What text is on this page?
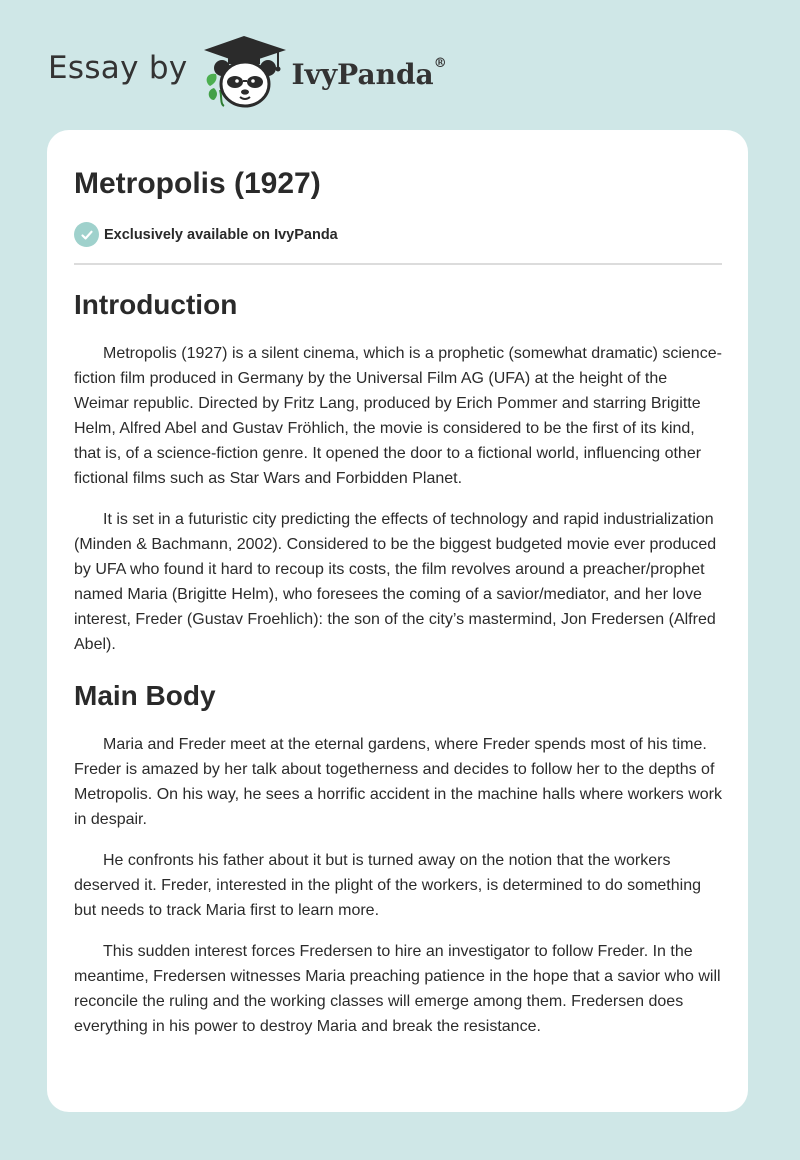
Essay by	IvyPanda®
Metropolis (1927)
Exclusively available on IvyPanda
Introduction

Metropolis (1927) is a silent cinema, which is a prophetic (somewhat dramatic) science-fiction film produced in Germany by the Universal Film AG (UFA) at the height of the Weimar republic. Directed by Fritz Lang, produced by Erich Pommer and starring Brigitte Helm, Alfred Abel and Gustav Fröhlich, the movie is considered to be the first of its kind, that is, of a science-fiction genre. It opened the door to a fictional world, influencing other fictional films such as Star Wars and Forbidden Planet.

It is set in a futuristic city predicting the effects of technology and rapid industrialization (Minden & Bachmann, 2002). Considered to be the biggest budgeted movie ever produced by UFA who found it hard to recoup its costs, the film revolves around a preacher/prophet named Maria (Brigitte Helm), who foresees the coming of a savior/mediator, and her love interest, Freder (Gustav Froehlich): the son of the city’s mastermind, Jon Fredersen (Alfred Abel).

Main Body

Maria and Freder meet at the eternal gardens, where Freder spends most of his time. Freder is amazed by her talk about togetherness and decides to follow her to the depths of Metropolis. On his way, he sees a horrific accident in the machine halls where workers work in despair.

He confronts his father about it but is turned away on the notion that the workers deserved it. Freder, interested in the plight of the workers, is determined to do something but needs to track Maria first to learn more.

This sudden interest forces Fredersen to hire an investigator to follow Freder. In the meantime, Fredersen witnesses Maria preaching patience in the hope that a savior who will reconcile the ruling and the working classes will emerge among them. Fredersen does everything in his power to destroy Maria and break the resistance.
